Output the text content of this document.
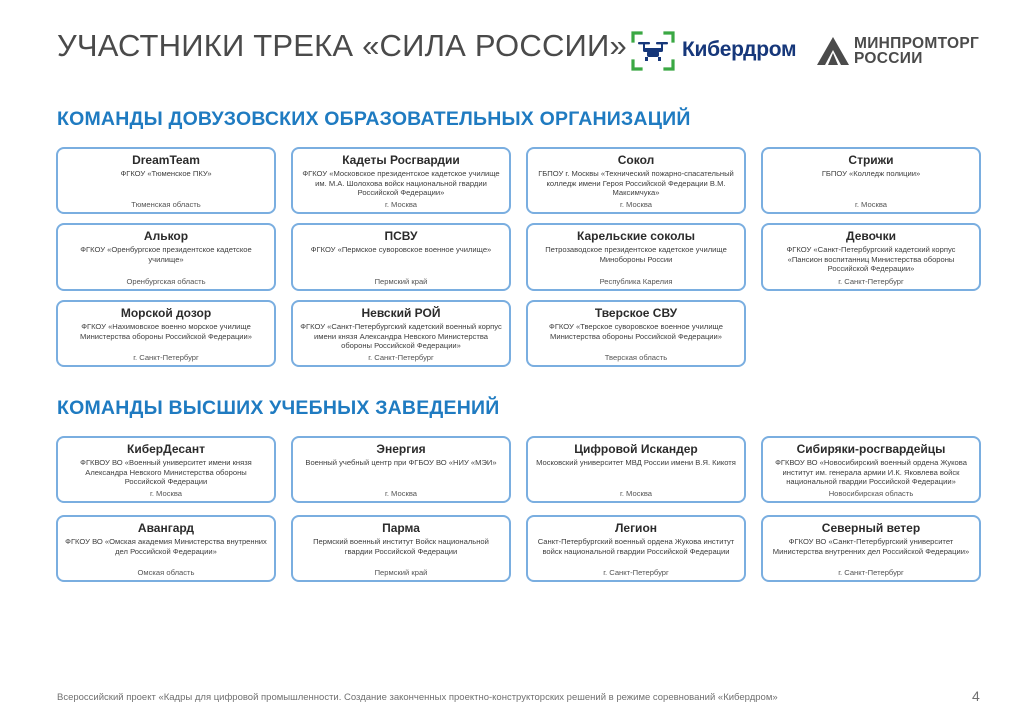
УЧАСТНИКИ ТРЕКА «СИЛА РОССИИ»	Кибердром	МИНПРОМТОРГ
РОССИИ
КОМАНДЫ ДОВУЗОВСКИХ ОБРАЗОВАТЕЛЬНЫХ ОРГАНИЗАЦИЙ
КОМАНДЫ ВЫСШИХ УЧЕБНЫХ ЗАВЕДЕНИЙ
DreamTeam
ФГКОУ «Тюменское ПКУ»
Тюменская область
Кадеты Росгвардии
ФГКОУ «Московское президентское кадетское училище им. М.А. Шолохова войск национальной гвардии Российской Федерации»
г. Москва
Сокол
ГБПОУ г. Москвы «Технический пожарно-спасательный колледж имени Героя Российской Федерации В.М. Максимчука»
г. Москва
Стрижи
ГБПОУ «Колледж полиции»
г. Москва
Алькор
ФГКОУ «Оренбургское президентское кадетское училище»
Оренбургская область
ПСВУ
ФГКОУ «Пермское суворовское военное училище»
Пермский край
Карельские соколы
Петрозаводское президентское кадетское училище Минобороны России
Республика Карелия
Девочки
ФГКОУ «Санкт-Петербургский кадетский корпус «Пансион воспитанниц Министерства обороны Российской Федерации»
г. Санкт-Петербург
Морской дозор
ФГКОУ «Нахимовское военно морское училище Министерства обороны Российской Федерации»
г. Санкт-Петербург
Невский РОЙ
ФГКОУ «Санкт-Петербургский кадетский военный корпус имени князя Александра Невского Министерства обороны Российской Федерации»
г. Санкт-Петербург
Тверское СВУ
ФГКОУ «Тверское суворовское военное училище Министерства обороны Российской Федерации»
Тверская область
КиберДесант
ФГКВОУ ВО «Военный университет имени князя Александра Невского Министерства обороны Российской Федерации
г. Москва
Энергия
Военный учебный центр при ФГБОУ ВО «НИУ «МЭИ»
г. Москва
Цифровой Искандер
Московский университет МВД России имени В.Я. Кикотя
г. Москва
Сибиряки-росгвардейцы
ФГКВОУ ВО «Новосибирский военный ордена Жукова институт им. генерала армии И.К. Яковлева войск национальной гвардии Российской Федерации»
Новосибирская область
Авангард
ФГКОУ ВО «Омская академия Министерства внутренних дел Российской Федерации»
Омская область
Парма
Пермский военный институт Войск национальной гвардии Российской Федерации
Пермский край
Легион
Санкт-Петербургский военный ордена Жукова институт войск национальной гвардии Российской Федерации
г. Санкт-Петербург
Северный ветер
ФГКОУ ВО «Санкт-Петербургский университет Министерства внутренних дел Российской Федерации»
г. Санкт-Петербург
Всероссийский проект «Кадры для цифровой промышленности. Создание законченных проектно-конструкторских решений в режиме соревнований «Кибердром»	4
